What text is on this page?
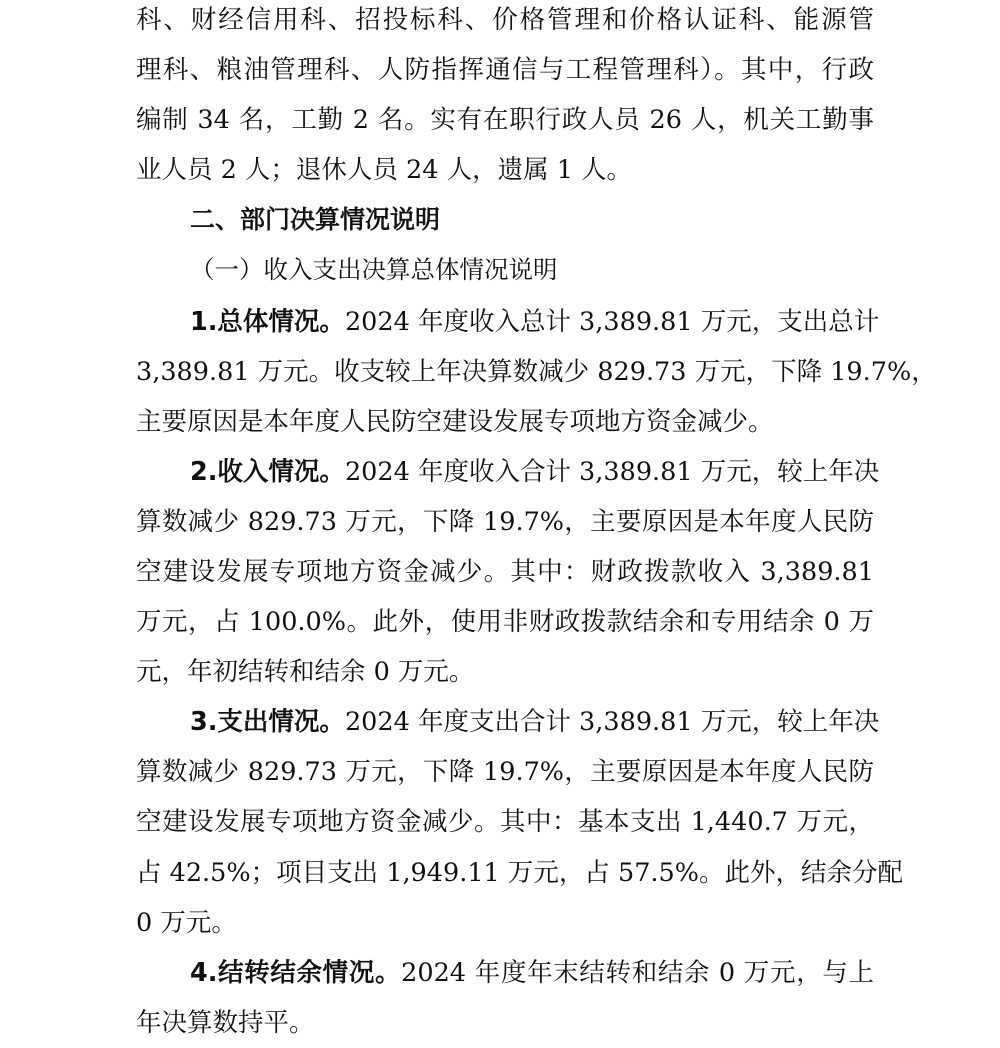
科、财经信用科、招投标科、价格管理和价格认证科、能源管
理科、粮油管理科、人防指挥通信与工程管理科）。其中，行政
编制 34 名，工勤 2 名。实有在职行政人员 26 人，机关工勤事
业人员 2 人；退休人员 24 人，遗属 1 人。
二、部门决算情况说明
（一）收入支出决算总体情况说明
1.总体情况。2024 年度收入总计 3,389.81 万元，支出总计
3,389.81 万元。收支较上年决算数减少 829.73 万元，下降 19.7%，
主要原因是本年度人民防空建设发展专项地方资金减少。
2.收入情况。2024 年度收入合计 3,389.81 万元，较上年决
算数减少 829.73 万元，下降 19.7%，主要原因是本年度人民防
空建设发展专项地方资金减少。其中：财政拨款收入 3,389.81
万元，占 100.0%。此外，使用非财政拨款结余和专用结余 0 万
元，年初结转和结余 0 万元。
3.支出情况。2024 年度支出合计 3,389.81 万元，较上年决
算数减少 829.73 万元，下降 19.7%，主要原因是本年度人民防
空建设发展专项地方资金减少。其中：基本支出 1,440.7 万元，
占 42.5%；项目支出 1,949.11 万元，占 57.5%。此外，结余分配
0 万元。
4.结转结余情况。2024 年度年末结转和结余 0 万元，与上
年决算数持平。
